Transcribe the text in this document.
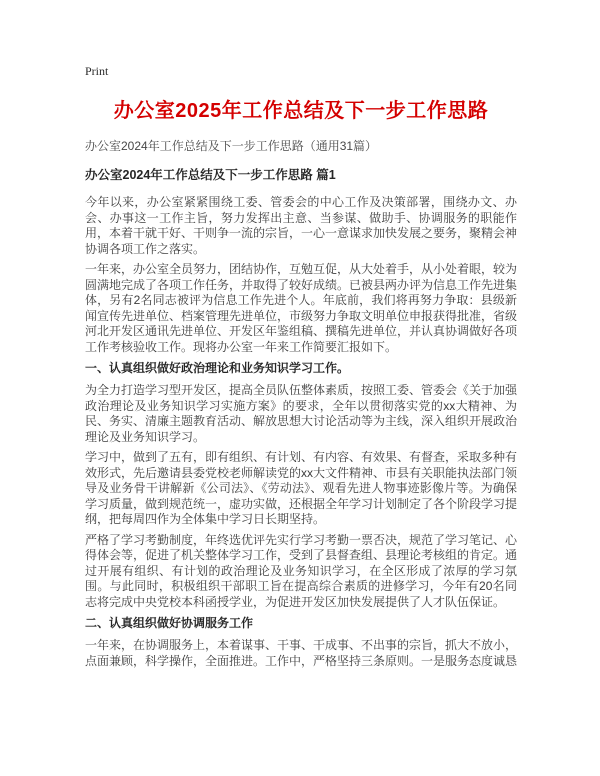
Print
办公室2025年工作总结及下一步工作思路
办公室2024年工作总结及下一步工作思路（通用31篇）
办公室2024年工作总结及下一步工作思路 篇1

今年以来，办公室紧紧围绕工委、管委会的中心工作及决策部署，围绕办文、办会、办事这一工作主旨，努力发挥出主意、当参谋、做助手、协调服务的职能作用，本着干就干好、干则争一流的宗旨，一心一意谋求加快发展之要务，聚精会神协调各项工作之落实。

一年来，办公室全员努力，团结协作，互勉互促，从大处着手，从小处着眼，较为圆满地完成了各项工作任务，并取得了较好成绩。已被县两办评为信息工作先进集体，另有2名同志被评为信息工作先进个人。年底前，我们将再努力争取：县级新闻宣传先进单位、档案管理先进单位，市级努力争取文明单位申报获得批准，省级河北开发区通讯先进单位、开发区年鉴组稿、撰稿先进单位，并认真协调做好各项工作考核验收工作。现将办公室一年来工作简要汇报如下。

一、认真组织做好政治理论和业务知识学习工作。

为全力打造学习型开发区，提高全员队伍整体素质，按照工委、管委会《关于加强政治理论及业务知识学习实施方案》的要求，全年以贯彻落实党的xx大精神、为民、务实、清廉主题教育活动、解放思想大讨论活动等为主线，深入组织开展政治理论及业务知识学习。

学习中，做到了五有，即有组织、有计划、有内容、有效果、有督查，采取多种有效形式，先后邀请县委党校老师解读党的xx大文件精神、市县有关职能执法部门领导及业务骨干讲解新《公司法》、《劳动法》、观看先进人物事迹影像片等。为确保学习质量，做到规范统一，虚功实做，还根据全年学习计划制定了各个阶段学习提纲，把每周四作为全体集中学习日长期坚持。

严格了学习考勤制度，年终选优评先实行学习考勤一票否决，规范了学习笔记、心得体会等，促进了机关整体学习工作，受到了县督查组、县理论考核组的肯定。通过开展有组织、有计划的政治理论及业务知识学习，在全区形成了浓厚的学习氛围。与此同时，积极组织干部职工旨在提高综合素质的进修学习，今年有20名同志将完成中央党校本科函授学业，为促进开发区加快发展提供了人才队伍保证。

二、认真组织做好协调服务工作

一年来，在协调服务上，本着谋事、干事、干成事、不出事的宗旨，抓大不放小，点面兼顾，科学操作，全面推进。工作中，严格坚持三条原则。一是服务态度诚恳
